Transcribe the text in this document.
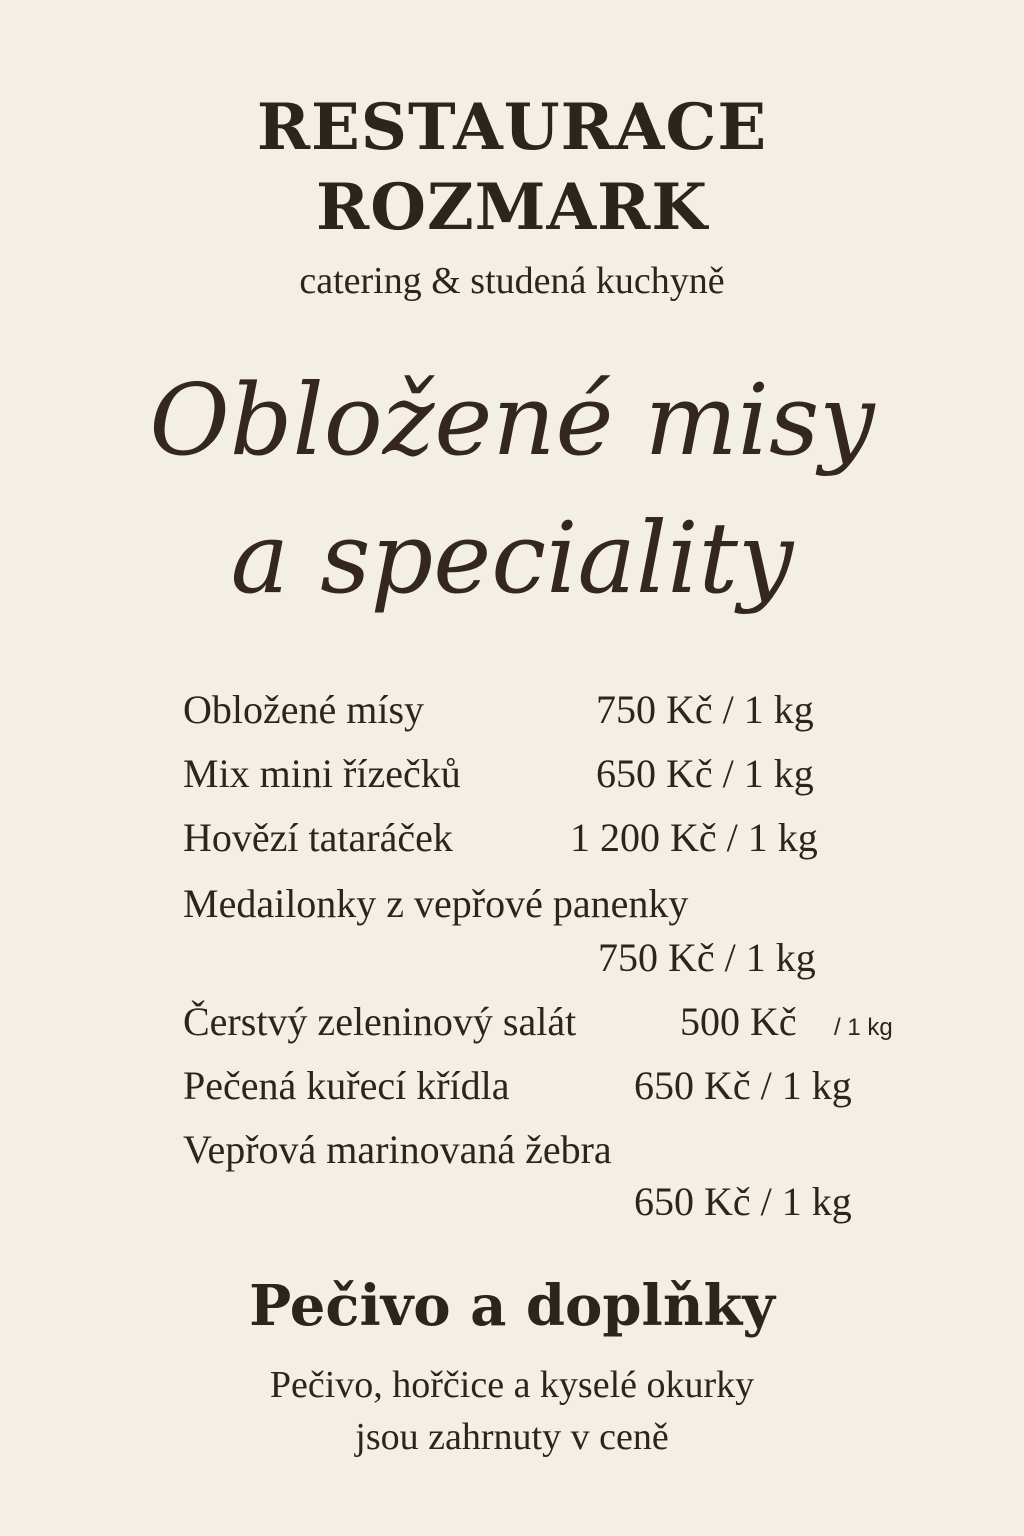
RESTAURACE
ROZMARK
catering & studená kuchyně
Obložené misy
a speciality
Obložené mísy	750 Kč / 1 kg
Mix mini řízečků	650 Kč / 1 kg
Hovězí tataráček	1 200 Kč / 1 kg
Medailonky z vepřové panenky
750 Kč / 1 kg
Čerstvý zeleninový salát	500 Kč / 1 kg
Pečená kuřecí křídla	650 Kč / 1 kg
Vepřová marinovaná žebra
650 Kč / 1 kg
Pečivo a doplňky
Pečivo, hořčice a kyselé okurky
jsou zahrnuty v ceně
